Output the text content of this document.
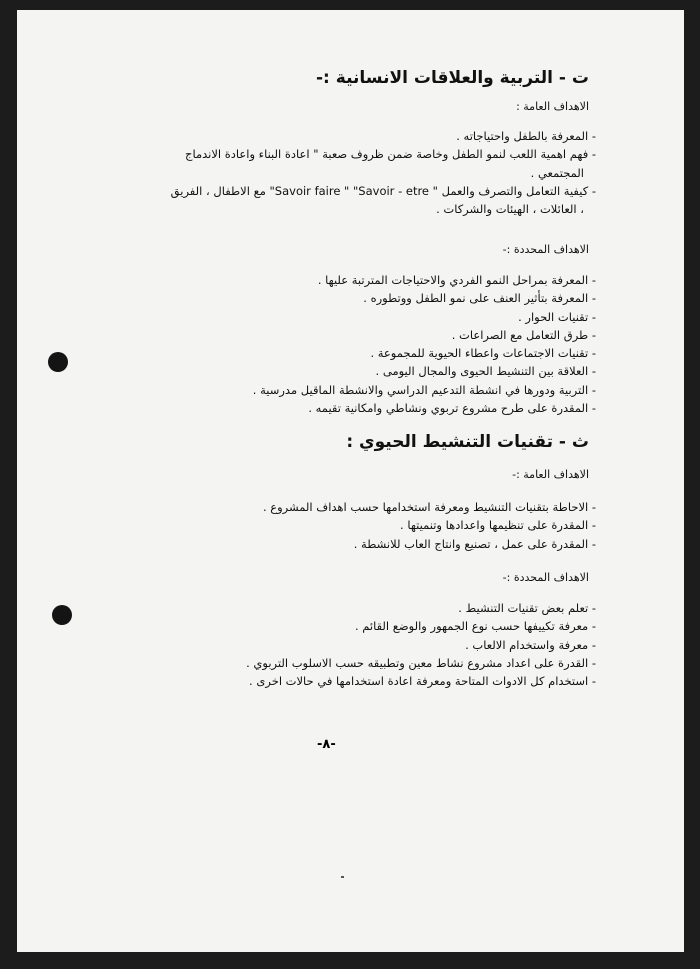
ت - التربية والعلاقات الانسانية :-
الاهداف العامة :
- المعرفة بالطفل واحتياجاته .
- فهم اهمية اللعب لنمو الطفل وخاصة ضمن ظروف صعبة " اعادة البناء واعادة الاندماج
المجتمعي .
- كيفية التعامل والتصرف والعمل " Savoir faire " "Savoir - etre" مع الاطفال ، الفريق
، العائلات ، الهيئات والشركات .
الاهداف المحددة :-
- المعرفة بمراحل النمو الفردي والاحتياجات المترتبة عليها .
- المعرفة بتأثير العنف على نمو الطفل ووتطوره .
- تقنيات الحوار .
- طرق التعامل مع الصراعات .
- تقنيات الاجتماعات واعطاء الحيوية للمجموعة .
- العلاقة بين التنشيط الحيوى والمجال اليومى .
- التربية ودورها في انشطة التدعيم الدراسي والانشطة الماقيل مدرسية .
- المقدرة على طرح مشروع تربوي ونشاطي وامكانية تقيمه .
ث - تقنيات التنشيط الحيوي :
الاهداف العامة :-
- الاحاطة بتقنيات التنشيط ومعرفة استخدامها حسب اهداف المشروع .
- المقدرة على تنظيمها واعدادها وتنميتها .
- المقدرة على عمل ، تصنيع وانتاج العاب للانشطة .
الاهداف المحددة :-
- تعلم بعض تقنيات التنشيط .
- معرفة تكييفها حسب نوع الجمهور والوضع القائم .
- معرفة واستخدام الالعاب .
- القدرة على اعداد مشروع نشاط معين وتطبيقه حسب الاسلوب التربوي .
- استخدام كل الادوات المتاحة ومعرفة اعادة استخدامها في حالات اخرى .
-٨-
